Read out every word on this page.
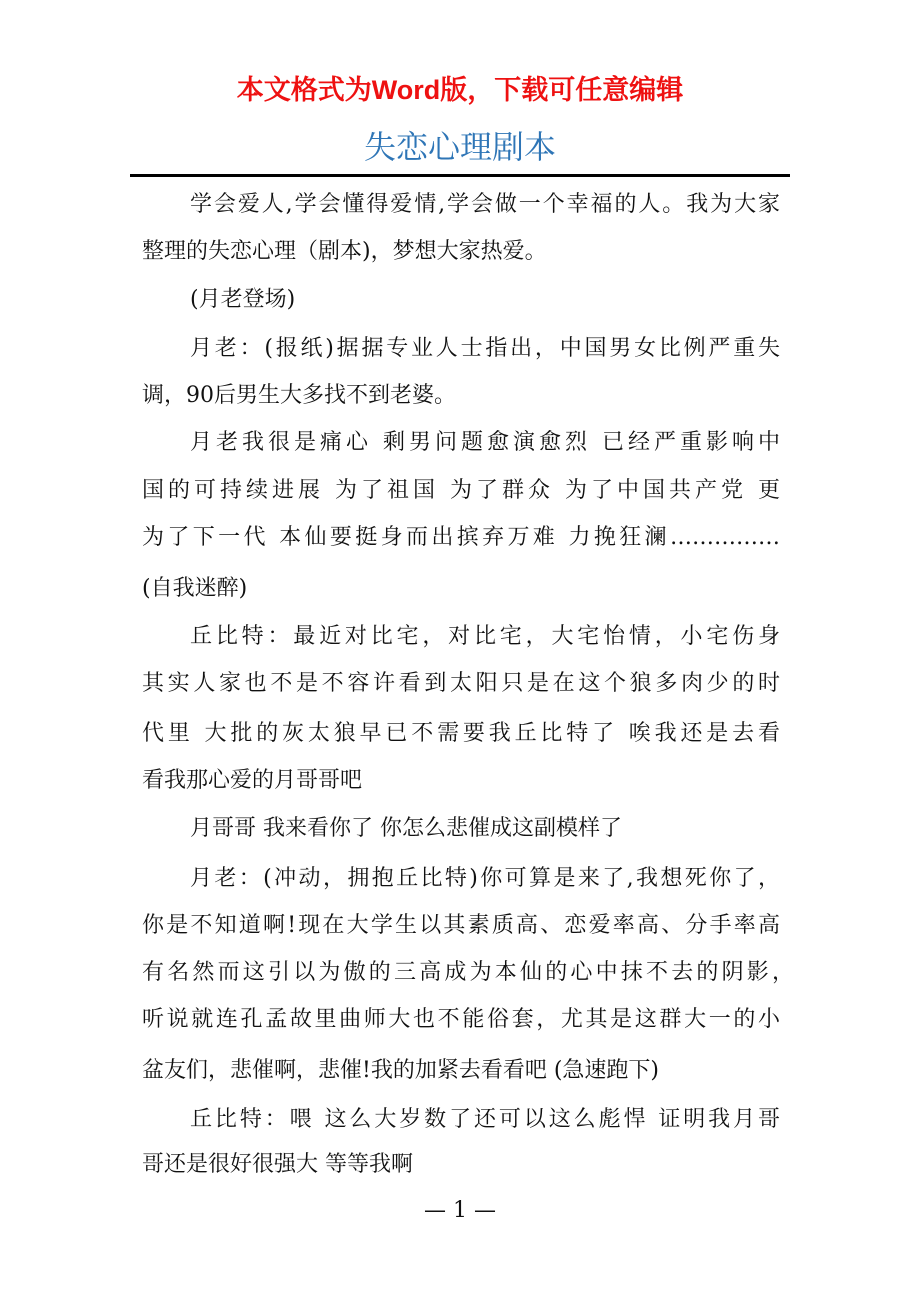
本文格式为Word版，下载可任意编辑
失恋心理剧本
学会爱人,学会懂得爱情,学会做一个幸福的人。我为大家
整理的失恋心理（剧本)，梦想大家热爱。
(月老登场)
月老：(报纸)据据专业人士指出，中国男女比例严重失
调，90后男生大多找不到老婆。
月老我很是痛心 剩男问题愈演愈烈 已经严重影响中
国的可持续进展 为了祖国 为了群众 为了中国共产党 更
为了下一代 本仙要挺身而出摈弃万难 力挽狂澜……………
(自我迷醉)
丘比特：最近对比宅，对比宅，大宅怡情，小宅伤身
其实人家也不是不容许看到太阳只是在这个狼多肉少的时
代里 大批的灰太狼早已不需要我丘比特了 唉我还是去看
看我那心爱的月哥哥吧
月哥哥 我来看你了 你怎么悲催成这副模样了
月老：(冲动，拥抱丘比特)你可算是来了,我想死你了，
你是不知道啊!现在大学生以其素质高、恋爱率高、分手率高
有名然而这引以为傲的三高成为本仙的心中抹不去的阴影，
听说就连孔孟故里曲师大也不能俗套，尤其是这群大一的小
盆友们，悲催啊，悲催!我的加紧去看看吧 (急速跑下)
丘比特：喂 这么大岁数了还可以这么彪悍 证明我月哥
哥还是很好很强大 等等我啊
— 1 —
